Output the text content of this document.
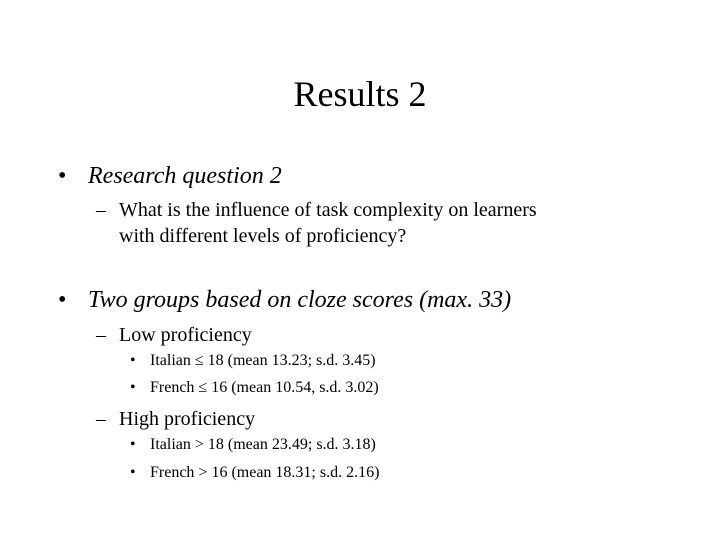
Results 2
• Research question 2
– What is the influence of task complexity on learners
with different levels of proficiency?
• Two groups based on cloze scores (max. 33)
– Low proficiency
• Italian ≤ 18 (mean 13.23; s.d. 3.45)
• French ≤ 16 (mean 10.54, s.d. 3.02)
– High proficiency
• Italian > 18 (mean 23.49; s.d. 3.18)
• French > 16 (mean 18.31; s.d. 2.16)
